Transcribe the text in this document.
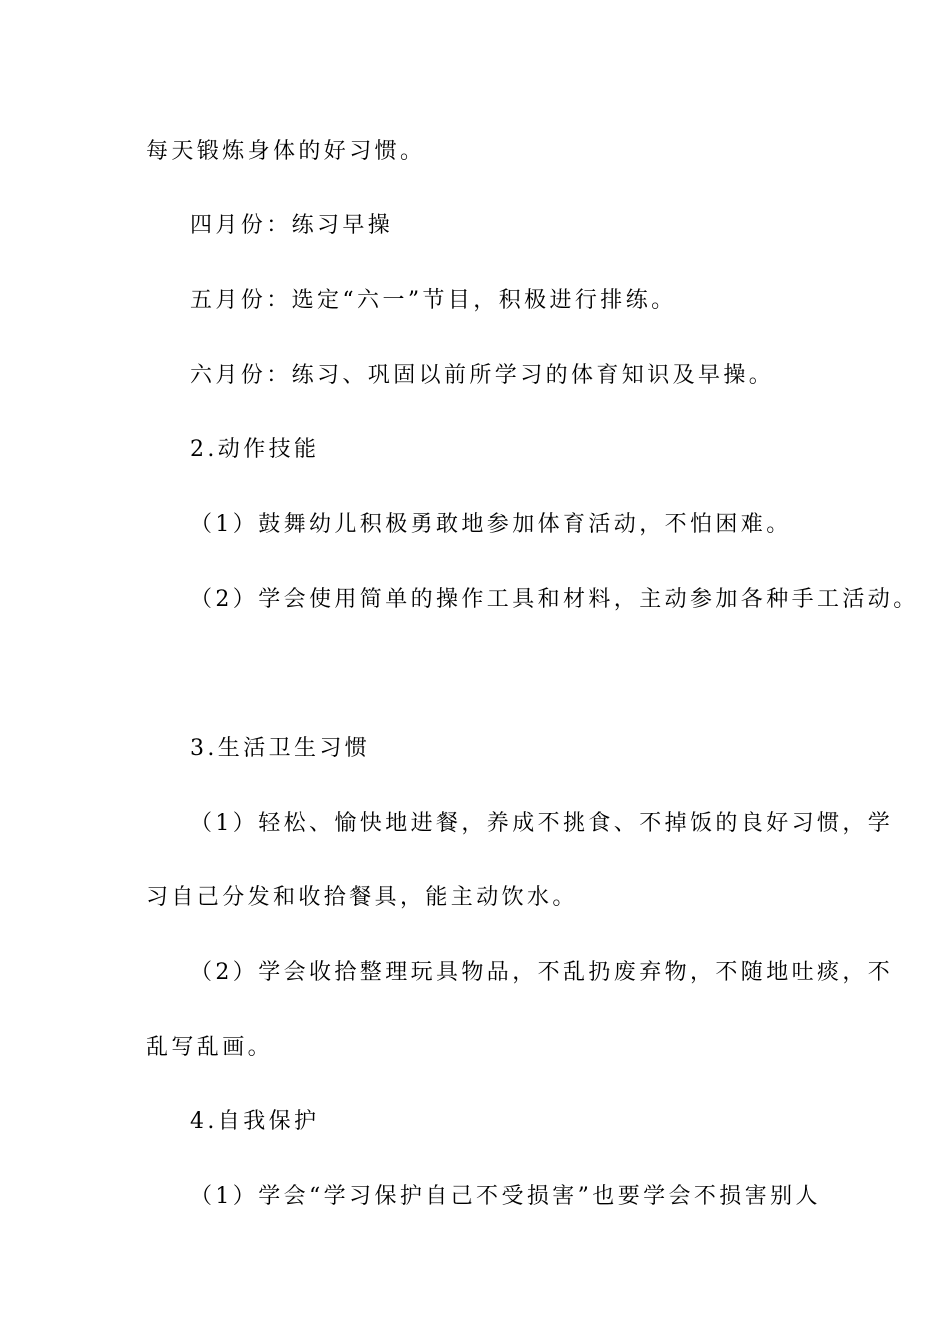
每天锻炼身体的好习惯。

四月份：练习早操

五月份：选定“六一”节目，积极进行排练。

六月份：练习、巩固以前所学习的体育知识及早操。

2.动作技能

（1）鼓舞幼儿积极勇敢地参加体育活动，不怕困难。

（2）学会使用简单的操作工具和材料，主动参加各种手工活动。

3.生活卫生习惯

（1）轻松、愉快地进餐，养成不挑食、不掉饭的良好习惯，学

习自己分发和收拾餐具，能主动饮水。

（2）学会收拾整理玩具物品，不乱扔废弃物，不随地吐痰，不

乱写乱画。

4.自我保护

（1）学会“学习保护自己不受损害”也要学会不损害别人
